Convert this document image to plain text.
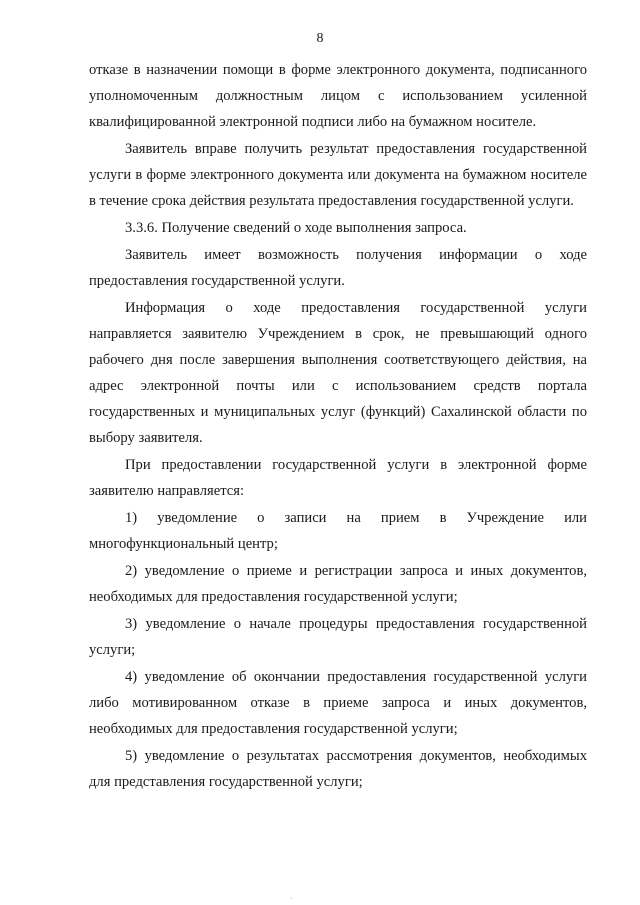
8

отказе в назначении помощи в форме электронного документа, подписанного уполномоченным должностным лицом с использованием усиленной квалифицированной электронной подписи либо на бумажном носителе.

Заявитель вправе получить результат предоставления государственной услуги в форме электронного документа или документа на бумажном носителе в течение срока действия результата предоставления государственной услуги.

3.3.6. Получение сведений о ходе выполнения запроса.

Заявитель имеет возможность получения информации о ходе предоставления государственной услуги.

Информация о ходе предоставления государственной услуги направляется заявителю Учреждением в срок, не превышающий одного рабочего дня после завершения выполнения соответствующего действия, на адрес электронной почты или с использованием средств портала государственных и муниципальных услуг (функций) Сахалинской области по выбору заявителя.

При предоставлении государственной услуги в электронной форме заявителю направляется:

1) уведомление о записи на прием в Учреждение или многофункциональный центр;

2) уведомление о приеме и регистрации запроса и иных документов, необходимых для предоставления государственной услуги;

3) уведомление о начале процедуры предоставления государственной услуги;

4) уведомление об окончании предоставления государственной услуги либо мотивированном отказе в приеме запроса и иных документов, необходимых для предоставления государственной услуги;

5) уведомление о результатах рассмотрения документов, необходимых для представления государственной услуги;

·
